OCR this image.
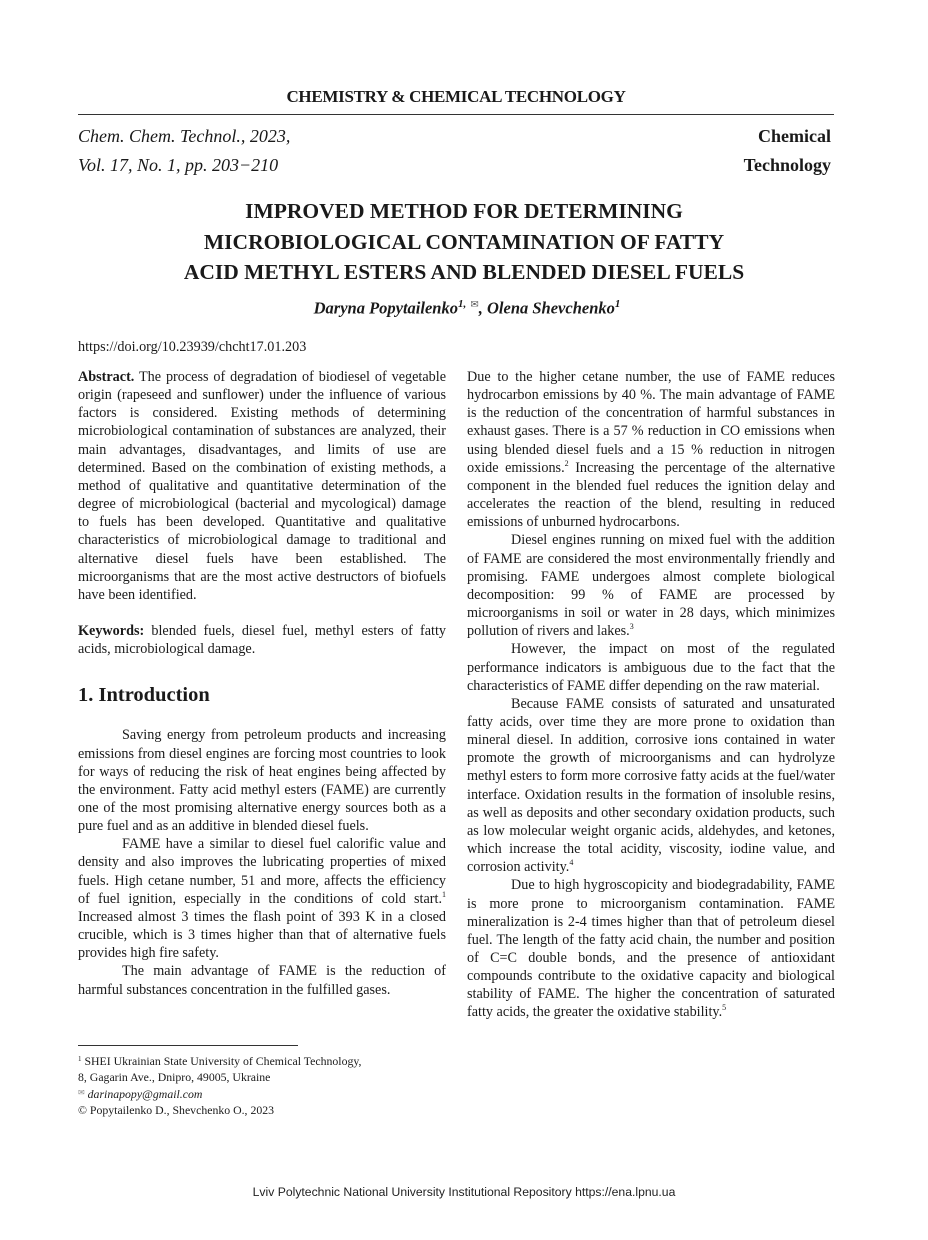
CHEMISTRY & CHEMICAL TECHNOLOGY
Chem. Chem. Technol., 2023,
Vol. 17, No. 1, pp. 203−210
Chemical
Technology
IMPROVED METHOD FOR DETERMINING
MICROBIOLOGICAL CONTAMINATION OF FATTY
ACID METHYL ESTERS AND BLENDED DIESEL FUELS
Daryna Popytailenko$^{1,}$ ✉, Olena Shevchenko$^1$
https://doi.org/10.23939/chcht17.01.203

Abstract. The process of degradation of biodiesel of vegetable origin (rapeseed and sunflower) under the influence of various factors is considered. Existing methods of determining microbiological contamination of substances are analyzed, their main advantages, disadvantages, and limits of use are determined. Based on the combination of existing methods, a method of qualitative and quantitative determination of the degree of microbiological (bacterial and mycological) damage to fuels has been developed. Quantitative and qualitative characteristics of microbiological damage to traditional and alternative diesel fuels have been established. The microorganisms that are the most active destructors of biofuels have been identified.

Keywords: blended fuels, diesel fuel, methyl esters of fatty acids, microbiological damage.

1. Introduction

Saving energy from petroleum products and increasing emissions from diesel engines are forcing most countries to look for ways of reducing the risk of heat engines being affected by the environment. Fatty acid methyl esters (FAME) are currently one of the most promising alternative energy sources both as a pure fuel and as an additive in blended diesel fuels.

FAME have a similar to diesel fuel calorific value and density and also improves the lubricating properties of mixed fuels. High cetane number, 51 and more, affects the efficiency of fuel ignition, especially in the conditions of cold start.$^1$ Increased almost 3 times the flash point of 393 K in a closed crucible, which is 3 times higher than that of alternative fuels provides high fire safety.

The main advantage of FAME is the reduction of harmful substances concentration in the fulfilled gases.

Due to the higher cetane number, the use of FAME reduces hydrocarbon emissions by 40 %. The main advantage of FAME is the reduction of the concentration of harmful substances in exhaust gases. There is a 57 % reduction in CO emissions when using blended diesel fuels and a 15 % reduction in nitrogen oxide emissions.$^2$ Increasing the percentage of the alternative component in the blended fuel reduces the ignition delay and accelerates the reaction of the blend, resulting in reduced emissions of unburned hydrocarbons.

Diesel engines running on mixed fuel with the addition of FAME are considered the most environmentally friendly and promising. FAME undergoes almost complete biological decomposition: 99 % of FAME are processed by microorganisms in soil or water in 28 days, which minimizes pollution of rivers and lakes.$^3$

However, the impact on most of the regulated performance indicators is ambiguous due to the fact that the characteristics of FAME differ depending on the raw material.

Because FAME consists of saturated and unsaturated fatty acids, over time they are more prone to oxidation than mineral diesel. In addition, corrosive ions contained in water promote the growth of microorganisms and can hydrolyze methyl esters to form more corrosive fatty acids at the fuel/water interface. Oxidation results in the formation of insoluble resins, as well as deposits and other secondary oxidation products, such as low molecular weight organic acids, aldehydes, and ketones, which increase the total acidity, viscosity, iodine value, and corrosion activity.$^4$

Due to high hygroscopicity and biodegradability, FAME is more prone to microorganism contamination. FAME mineralization is 2-4 times higher than that of petroleum diesel fuel. The length of the fatty acid chain, the number and position of C=C double bonds, and the presence of antioxidant compounds contribute to the oxidative capacity and biological stability of FAME. The higher the concentration of saturated fatty acids, the greater the oxidative stability.$^5$

$^1$ SHEI Ukrainian State University of Chemical Technology,
8, Gagarin Ave., Dnipro, 49005, Ukraine
✉ darinapopy@gmail.com
© Popytailenko D., Shevchenko O., 2023
Lviv Polytechnic National University Institutional Repository https://ena.lpnu.ua
